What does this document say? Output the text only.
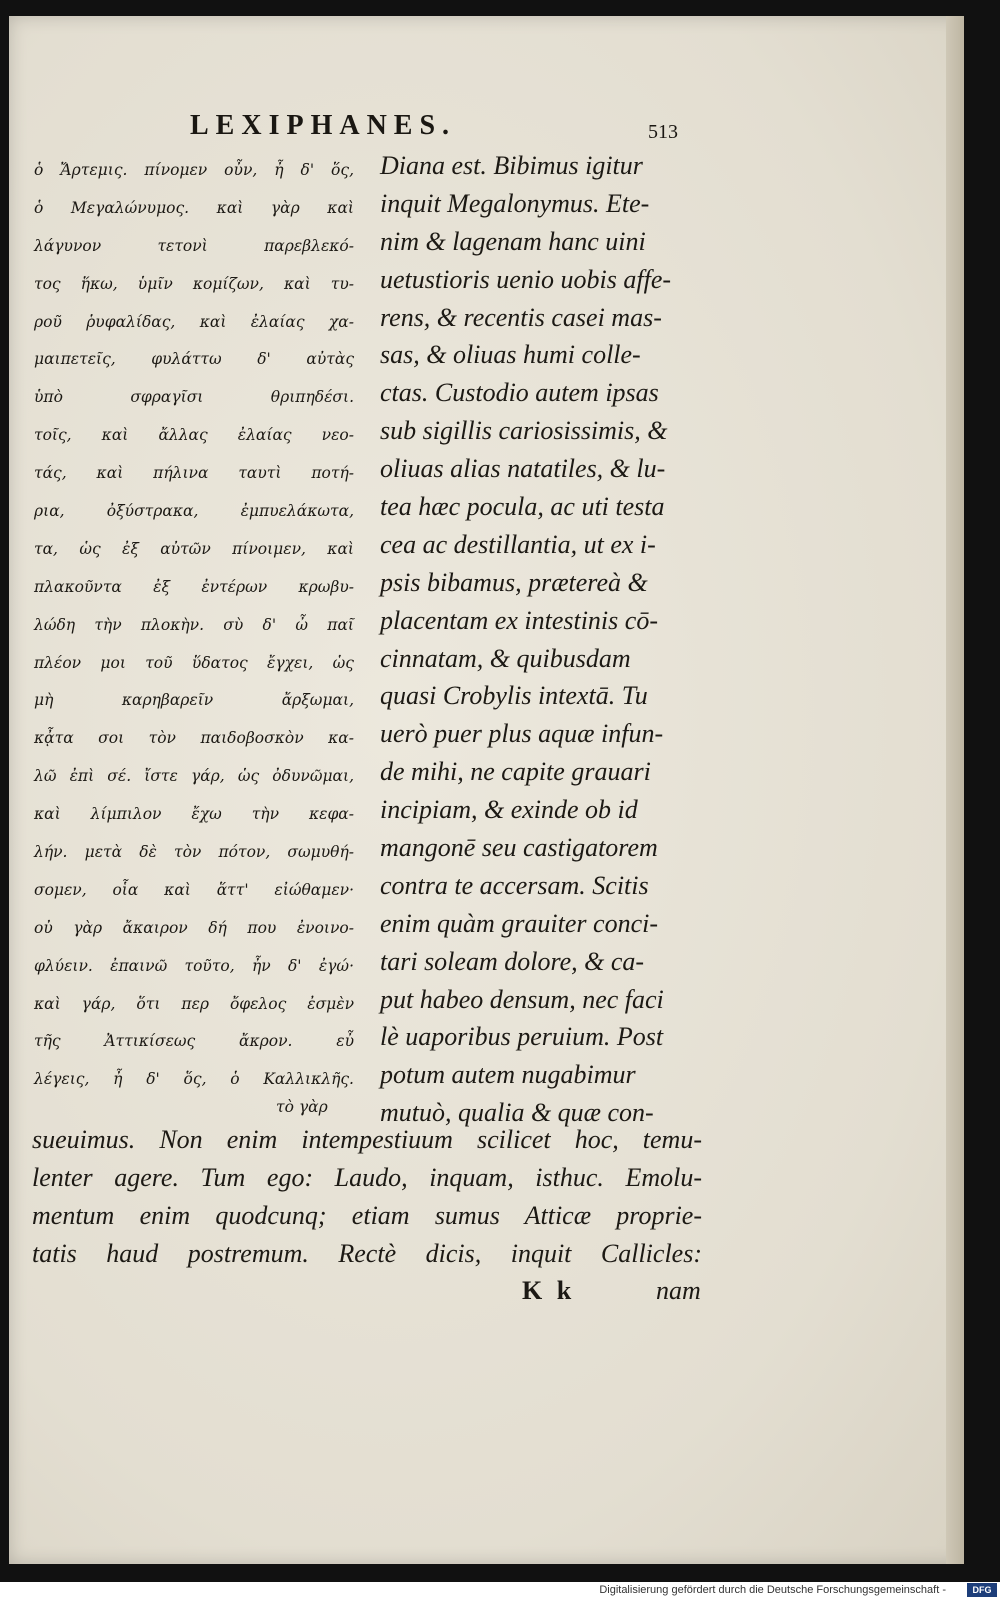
LEXIPHANES.	513
ὁ Ἄρτεμις. πίνομεν οὖν, ἦ δ' ὅς,
ὁ Μεγαλώνυμος. καὶ γὰρ καὶ
λάγυνον τετονὶ παρεβλεκό-
τος ἥκω, ὑμῖν κομίζων, καὶ τυ-
ροῦ ῥυφαλίδας, καὶ ἐλαίας χα-
μαιπετεῖς, φυλάττω δ' αὐτὰς
ὑπὸ σφραγῖσι θριπηδέσι.
τοῖς, καὶ ἄλλας ἐλαίας νεο-
τάς, καὶ πήλινα ταυτὶ ποτή-
ρια, ὀξύστρακα, ἐμπυελάκωτα,
τα, ὡς ἐξ αὐτῶν πίνοιμεν, καὶ
πλακοῦντα ἐξ ἐντέρων κρωβυ-
λώδη τὴν πλοκὴν. σὺ δ' ὦ παῖ
πλέον μοι τοῦ ὕδατος ἔγχει, ὡς
μὴ καρηβαρεῖν ἄρξωμαι,
κᾆτα σοι τὸν παιδοβοσκὸν κα-
λῶ ἐπὶ σέ. ἴστε γάρ, ὡς ὀδυνῶμαι,
καὶ λίμπιλον ἔχω τὴν κεφα-
λήν. μετὰ δὲ τὸν πότον, σωμυθή-
σομεν, οἷα καὶ ἅττ' εἰώθαμεν·
οὐ γὰρ ἄκαιρον δή που ἐνοινο-
φλύειν. ἐπαινῶ τοῦτο, ἦν δ' ἐγώ·
καὶ γάρ, ὅτι περ ὄφελος ἐσμὲν
τῆς Ἀττικίσεως ἄκρον. εὖ
λέγεις, ἦ δ' ὅς, ὁ Καλλικλῆς.
Diana est. Bibimus igitur
inquit Megalonymus. Ete-
nim & lagenam hanc uini
uetustioris uenio uobis affe-
rens, & recentis casei mas-
sas, & oliuas humi colle-
ctas. Custodio autem ipsas
sub sigillis cariosissimis, &
oliuas alias natatiles, & lu-
tea hæc pocula, ac uti testa
cea ac destillantia, ut ex i-
psis bibamus, prætereà &
placentam ex intestinis cō-
cinnatam, & quibusdam
quasi Crobylis intextā. Tu
uerò puer plus aquæ infun-
de mihi, ne capite grauari
incipiam, & exinde ob id
mangonē seu castigatorem
contra te accersam. Scitis
enim quàm grauiter conci-
tari soleam dolore, & ca-
put habeo densum, nec faci
lè uaporibus peruium. Post
potum autem nugabimur
mutuò, qualia & quæ con-
τὸ γὰρ
sueuimus. Non enim intempestiuum scilicet hoc, temu-
lenter agere. Tum ego: Laudo, inquam, isthuc. Emolu-
mentum enim quodcunq; etiam sumus Atticæ proprie-
tatis haud postremum. Rectè dicis, inquit Callicles:
K k	nam
Digitalisierung gefördert durch die Deutsche Forschungsgemeinschaft -	DFG
